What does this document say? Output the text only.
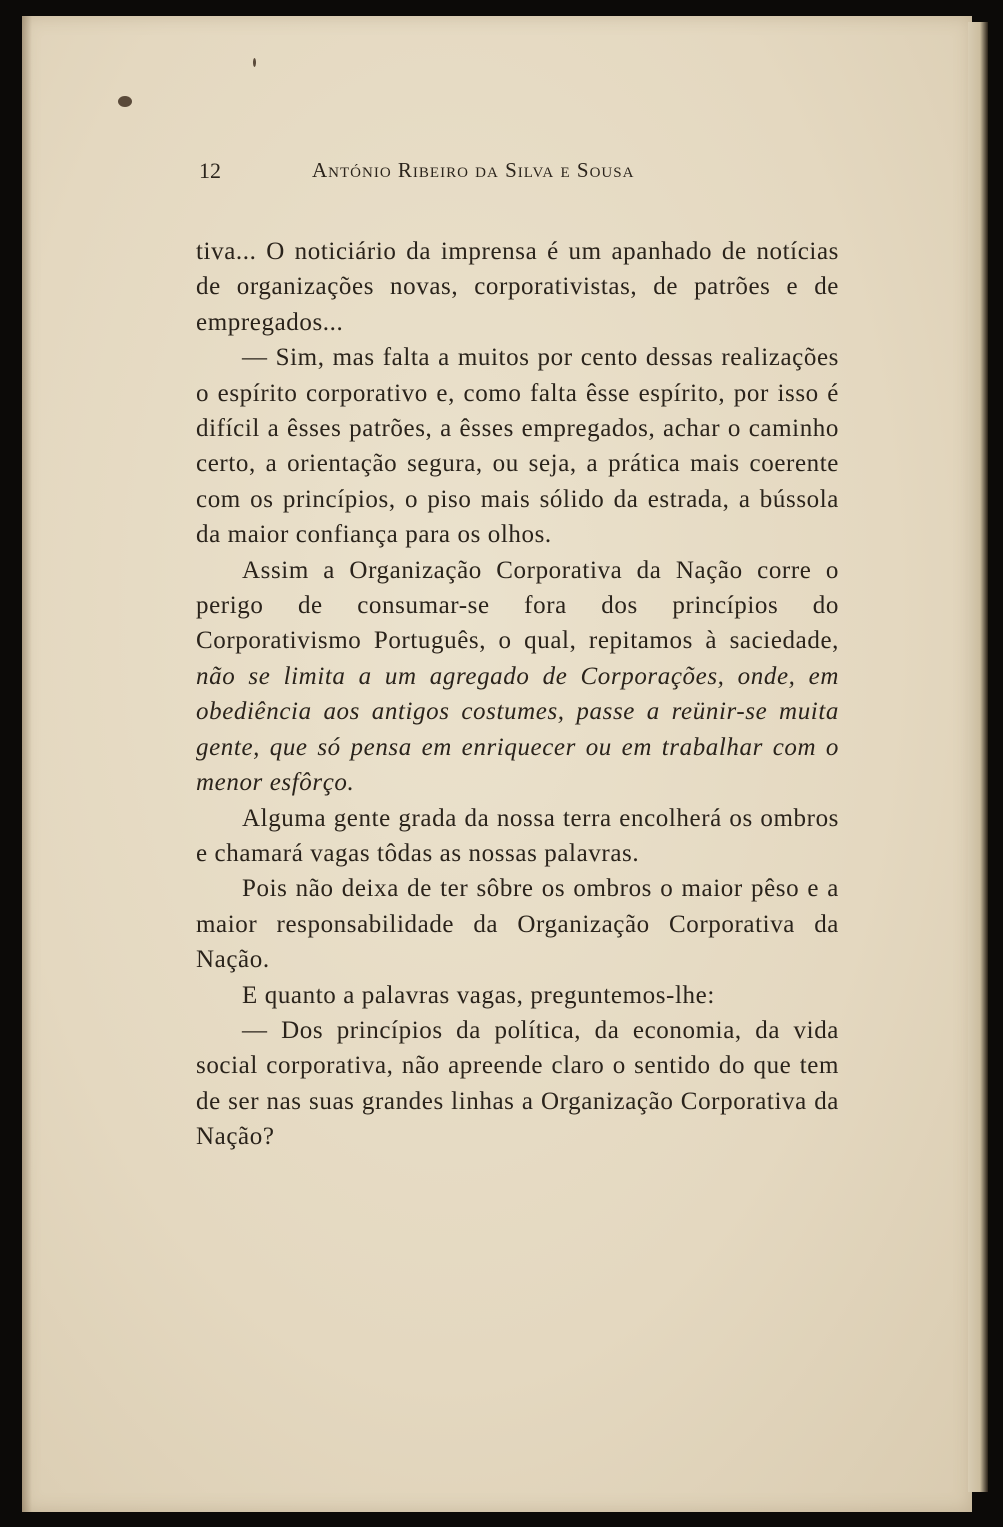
12	António Ribeiro da Silva e Sousa

tiva... O noticiário da imprensa é um apanhado de notícias de organizações novas, corporativistas, de patrões e de empregados...

— Sim, mas falta a muitos por cento dessas realizações o espírito corporativo e, como falta êsse espírito, por isso é difícil a êsses patrões, a êsses empregados, achar o caminho certo, a orientação segura, ou seja, a prática mais coerente com os princípios, o piso mais sólido da estrada, a bússola da maior confiança para os olhos.

Assim a Organização Corporativa da Nação corre o perigo de consumar-se fora dos princípios do Corporativismo Português, o qual, repitamos à saciedade, não se limita a um agregado de Corporações, onde, em obediência aos antigos costumes, passe a reünir-se muita gente, que só pensa em enriquecer ou em trabalhar com o menor esfôrço.

Alguma gente grada da nossa terra encolherá os ombros e chamará vagas tôdas as nossas palavras.

Pois não deixa de ter sôbre os ombros o maior pêso e a maior responsabilidade da Organização Corporativa da Nação.

E quanto a palavras vagas, preguntemos-lhe:

— Dos princípios da política, da economia, da vida social corporativa, não apreende claro o sentido do que tem de ser nas suas grandes linhas a Organização Corporativa da Nação?
